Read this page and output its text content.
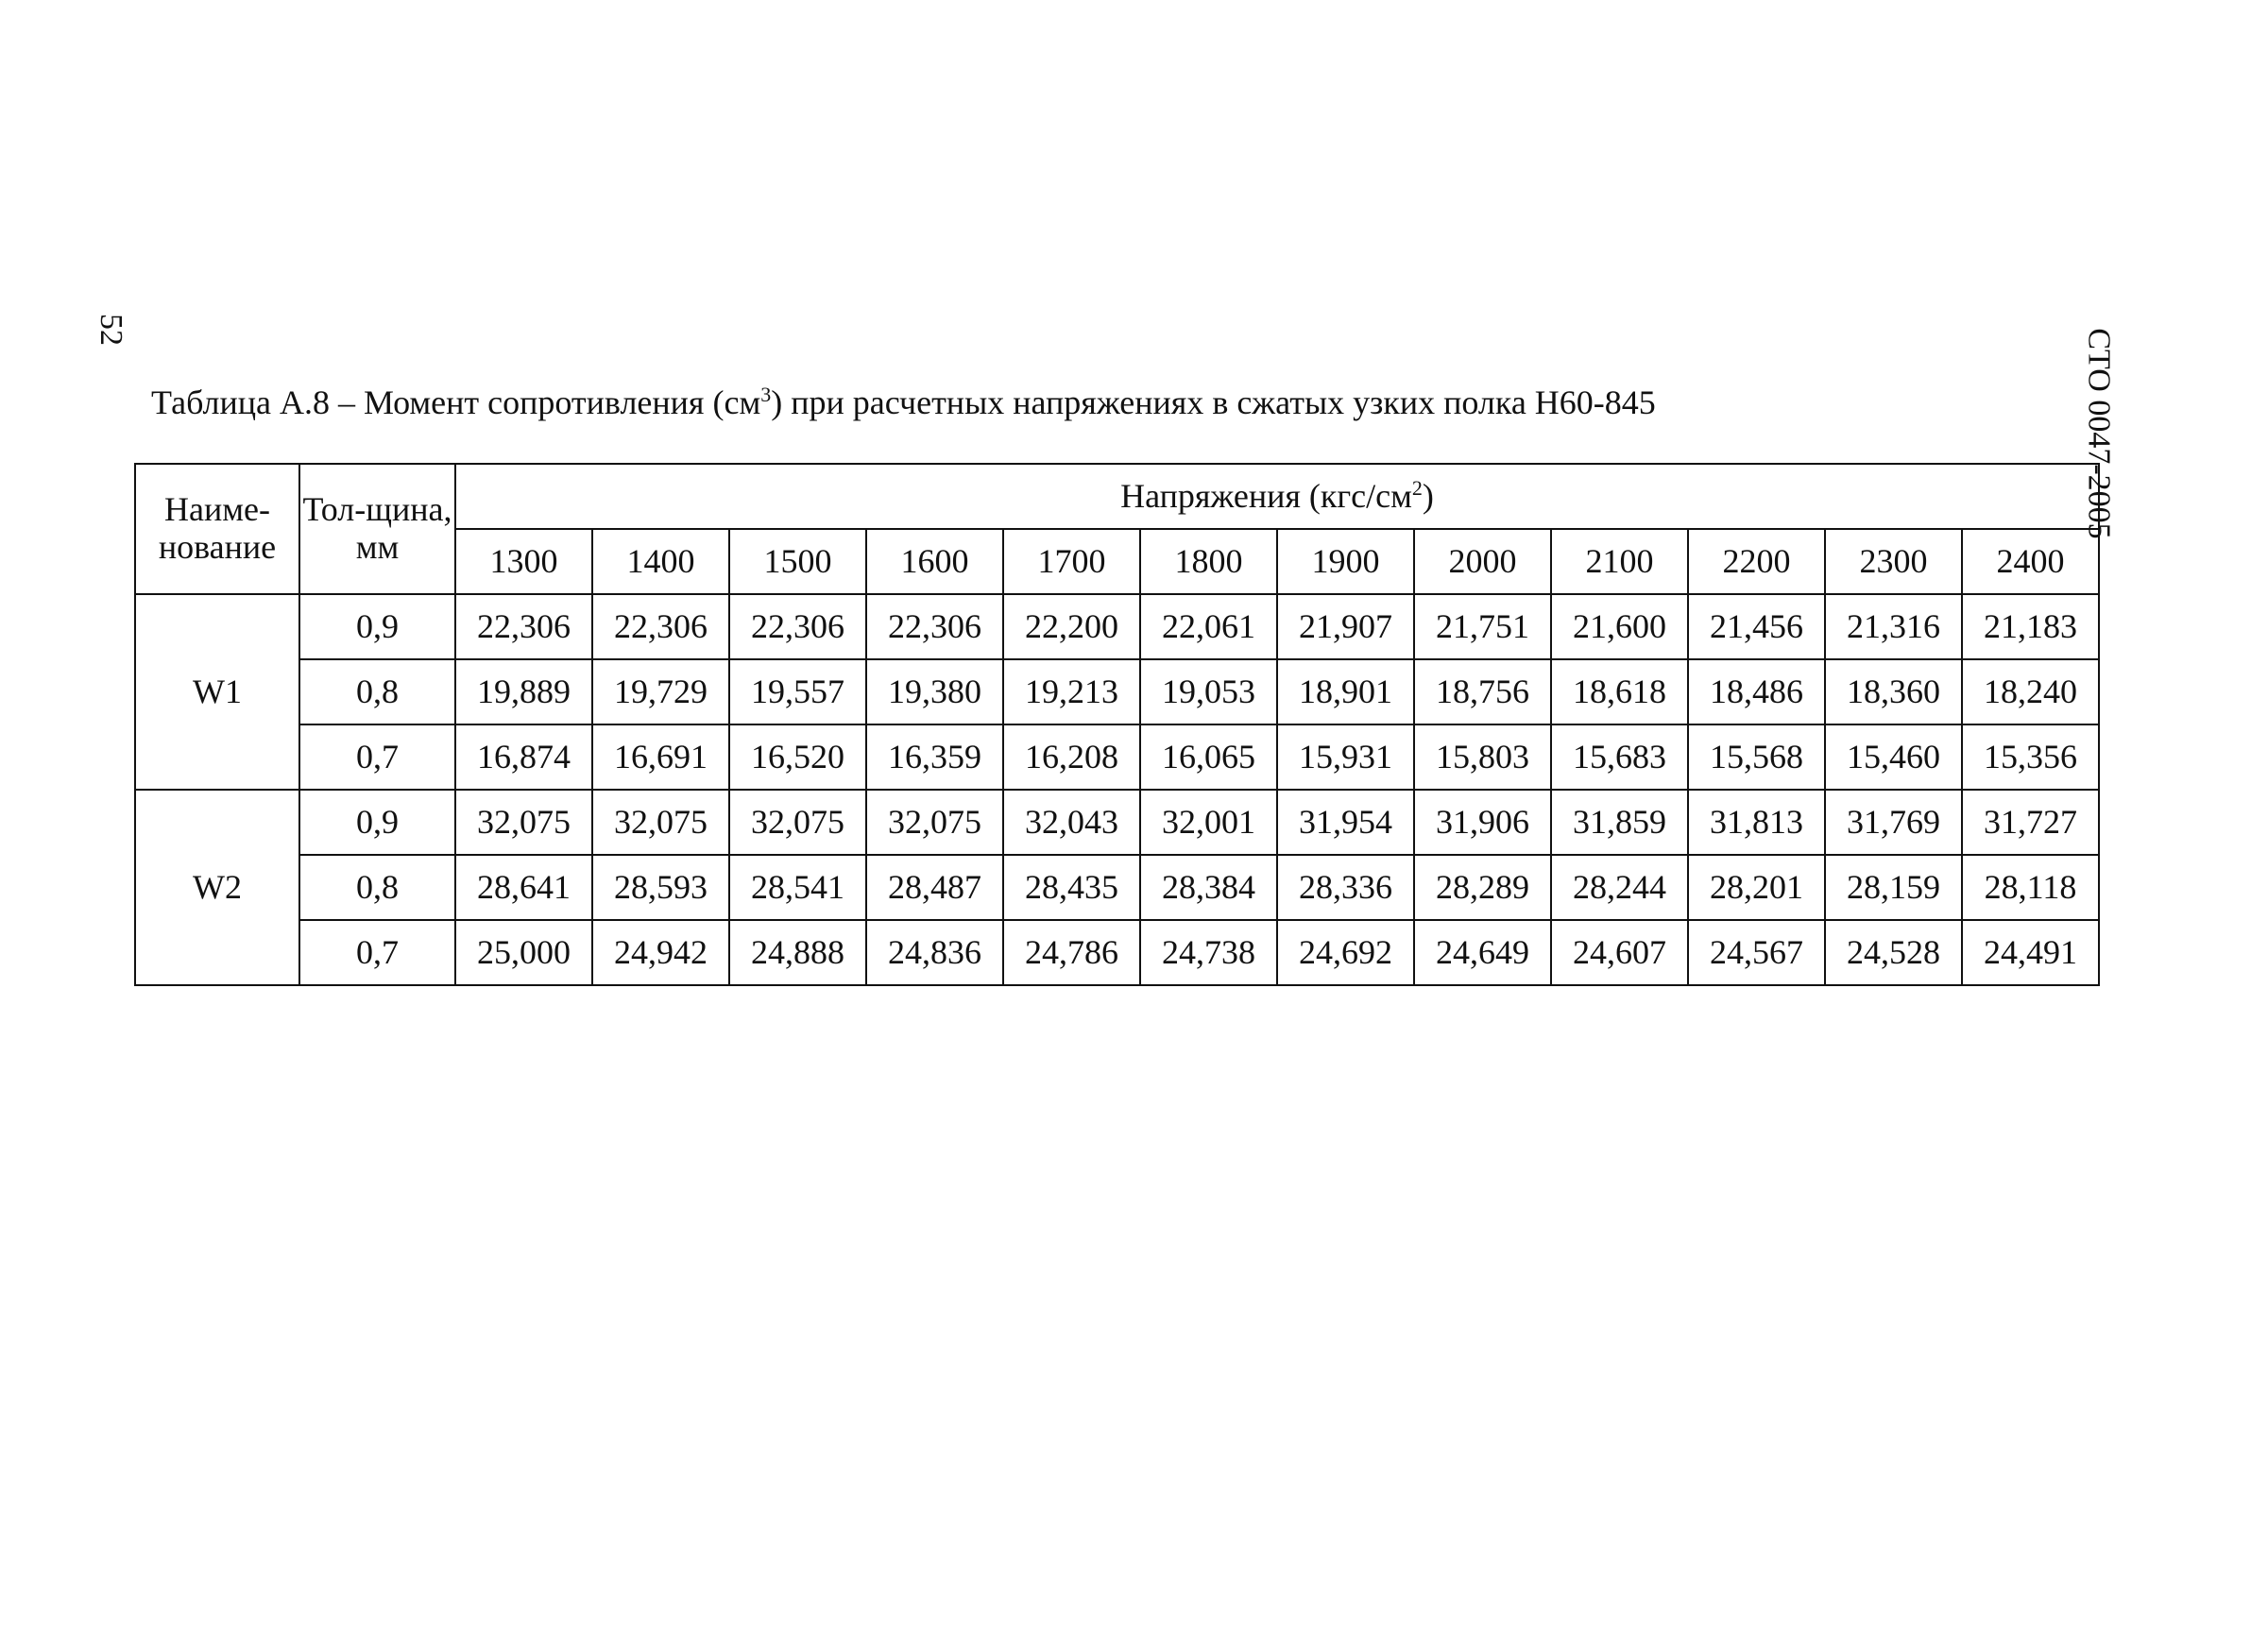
52	СТО 0047-2005
Таблица А.8 – Момент сопротивления $(см^3)$ при расчетных напряжениях в сжатых узких полка Н60-845
Наиме-нование	Тол-щина, мм	Напряжения $(кгс/см^2)$											
		1300	1400	1500	1600	1700	1800	1900	2000	2100	2200	2300	2400
W1	0,9	22,306	22,306	22,306	22,306	22,200	22,061	21,907	21,751	21,600	21,456	21,316	21,183
	0,8	19,889	19,729	19,557	19,380	19,213	19,053	18,901	18,756	18,618	18,486	18,360	18,240
	0,7	16,874	16,691	16,520	16,359	16,208	16,065	15,931	15,803	15,683	15,568	15,460	15,356
W2	0,9	32,075	32,075	32,075	32,075	32,043	32,001	31,954	31,906	31,859	31,813	31,769	31,727
	0,8	28,641	28,593	28,541	28,487	28,435	28,384	28,336	28,289	28,244	28,201	28,159	28,118
	0,7	25,000	24,942	24,888	24,836	24,786	24,738	24,692	24,649	24,607	24,567	24,528	24,491
